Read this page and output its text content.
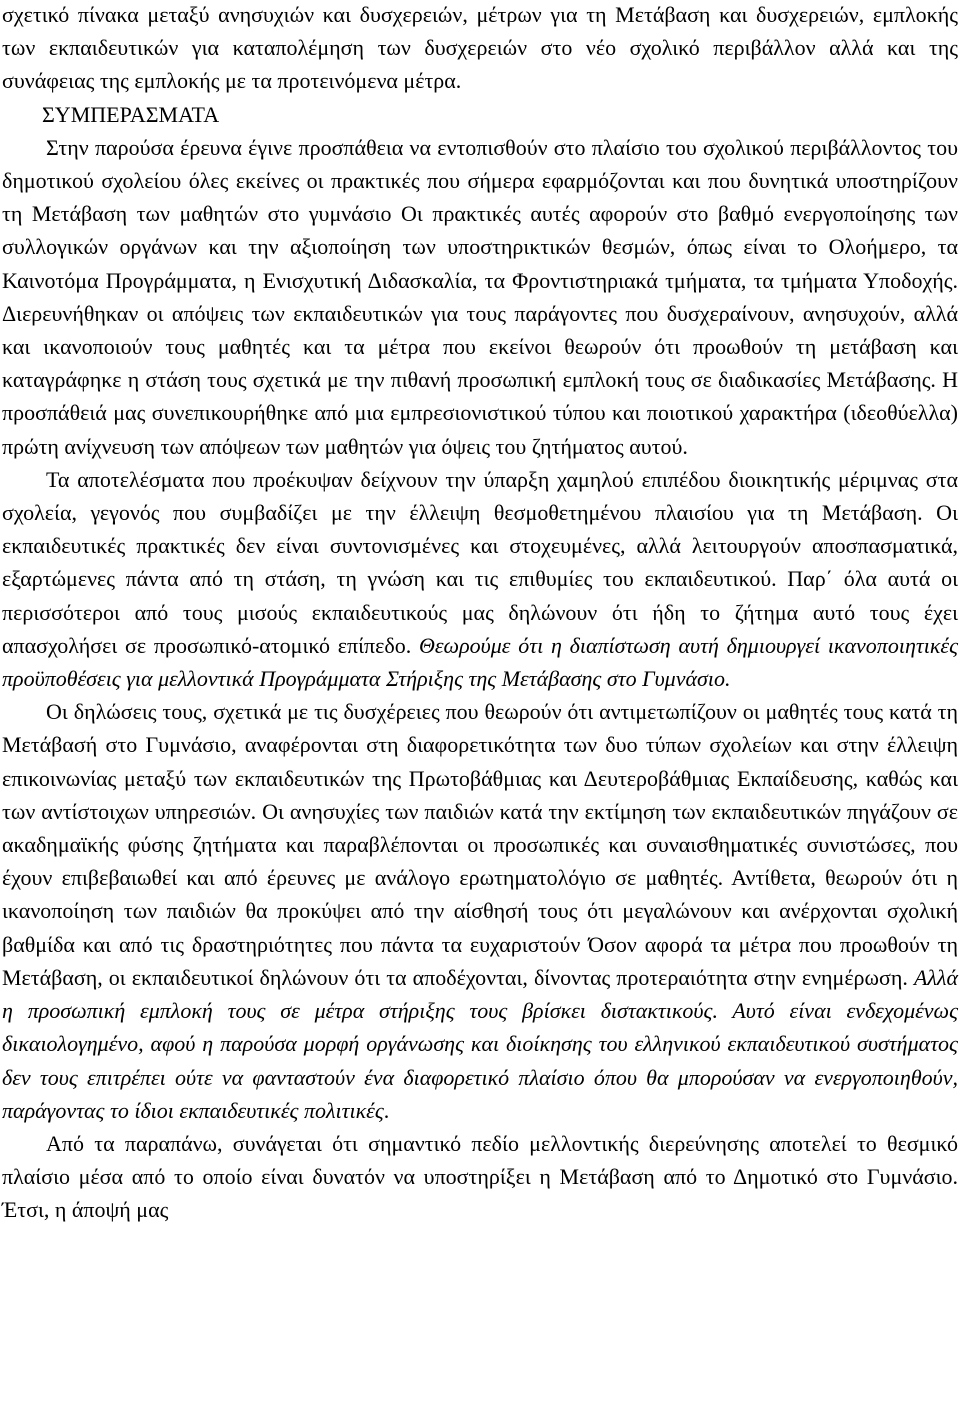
σχετικό πίνακα μεταξύ ανησυχιών και δυσχερειών, μέτρων για τη Μετάβαση και δυσχερειών, εμπλοκής των εκπαιδευτικών για καταπολέμηση των δυσχερειών στο νέο σχολικό περιβάλλον αλλά και της συνάφειας της εμπλοκής με τα προτεινόμενα μέτρα.

ΣΥΜΠΕΡΑΣΜΑΤΑ

Στην παρούσα έρευνα έγινε προσπάθεια να εντοπισθούν στο πλαίσιο του σχολικού περιβάλλοντος του δημοτικού σχολείου όλες εκείνες οι πρακτικές που σήμερα εφαρμόζονται και που δυνητικά υποστηρίζουν τη Μετάβαση των μαθητών στο γυμνάσιο Οι πρακτικές αυτές αφορούν στο βαθμό ενεργοποίησης των συλλογικών οργάνων και την αξιοποίηση των υποστηρικτικών θεσμών, όπως είναι το Ολοήμερο, τα Καινοτόμα Προγράμματα, η Ενισχυτική Διδασκαλία, τα Φροντιστηριακά τμήματα, τα τμήματα Υποδοχής. Διερευνήθηκαν οι απόψεις των εκπαιδευτικών για τους παράγοντες που δυσχεραίνουν, ανησυχούν, αλλά και ικανοποιούν τους μαθητές και τα μέτρα που εκείνοι θεωρούν ότι προωθούν τη μετάβαση και καταγράφηκε η στάση τους σχετικά με την πιθανή προσωπική εμπλοκή τους σε διαδικασίες Μετάβασης. Η προσπάθειά μας συνεπικουρήθηκε από μια εμπρεσιονιστικού τύπου και ποιοτικού χαρακτήρα (ιδεοθύελλα) πρώτη ανίχνευση των απόψεων των μαθητών για όψεις του ζητήματος αυτού.

Τα αποτελέσματα που προέκυψαν δείχνουν την ύπαρξη χαμηλού επιπέδου διοικητικής μέριμνας στα σχολεία, γεγονός που συμβαδίζει με την έλλειψη θεσμοθετημένου πλαισίου για τη Μετάβαση. Οι εκπαιδευτικές πρακτικές δεν είναι συντονισμένες και στοχευμένες, αλλά λειτουργούν αποσπασματικά, εξαρτώμενες πάντα από τη στάση, τη γνώση και τις επιθυμίες του εκπαιδευτικού. Παρ΄ όλα αυτά οι περισσότεροι από τους μισούς εκπαιδευτικούς μας δηλώνουν ότι ήδη το ζήτημα αυτό τους έχει απασχολήσει σε προσωπικό-ατομικό επίπεδο. Θεωρούμε ότι η διαπίστωση αυτή δημιουργεί ικανοποιητικές προϋποθέσεις για μελλοντικά Προγράμματα Στήριξης της Μετάβασης στο Γυμνάσιο.

Οι δηλώσεις τους, σχετικά με τις δυσχέρειες που θεωρούν ότι αντιμετωπίζουν οι μαθητές τους κατά τη Μετάβασή στο Γυμνάσιο, αναφέρονται στη διαφορετικότητα των δυο τύπων σχολείων και στην έλλειψη επικοινωνίας μεταξύ των εκπαιδευτικών της Πρωτοβάθμιας και Δευτεροβάθμιας Εκπαίδευσης, καθώς και των αντίστοιχων υπηρεσιών. Οι ανησυχίες των παιδιών κατά την εκτίμηση των εκπαιδευτικών πηγάζουν σε ακαδημαϊκής φύσης ζητήματα και παραβλέπονται οι προσωπικές και συναισθηματικές συνιστώσες, που έχουν επιβεβαιωθεί και από έρευνες με ανάλογο ερωτηματολόγιο σε μαθητές. Αντίθετα, θεωρούν ότι η ικανοποίηση των παιδιών θα προκύψει από την αίσθησή τους ότι μεγαλώνουν και ανέρχονται σχολική βαθμίδα και από τις δραστηριότητες που πάντα τα ευχαριστούν Όσον αφορά τα μέτρα που προωθούν τη Μετάβαση, οι εκπαιδευτικοί δηλώνουν ότι τα αποδέχονται, δίνοντας προτεραιότητα στην ενημέρωση. Αλλά η προσωπική εμπλοκή τους σε μέτρα στήριξης τους βρίσκει διστακτικούς. Αυτό είναι ενδεχομένως δικαιολογημένο, αφού η παρούσα μορφή οργάνωσης και διοίκησης του ελληνικού εκπαιδευτικού συστήματος δεν τους επιτρέπει ούτε να φανταστούν ένα διαφορετικό πλαίσιο όπου θα μπορούσαν να ενεργοποιηθούν, παράγοντας το ίδιοι εκπαιδευτικές πολιτικές.

Από τα παραπάνω, συνάγεται ότι σημαντικό πεδίο μελλοντικής διερεύνησης αποτελεί το θεσμικό πλαίσιο μέσα από το οποίο είναι δυνατόν να υποστηρίξει η Μετάβαση από το Δημοτικό στο Γυμνάσιο. Έτσι, η άποψή μας
